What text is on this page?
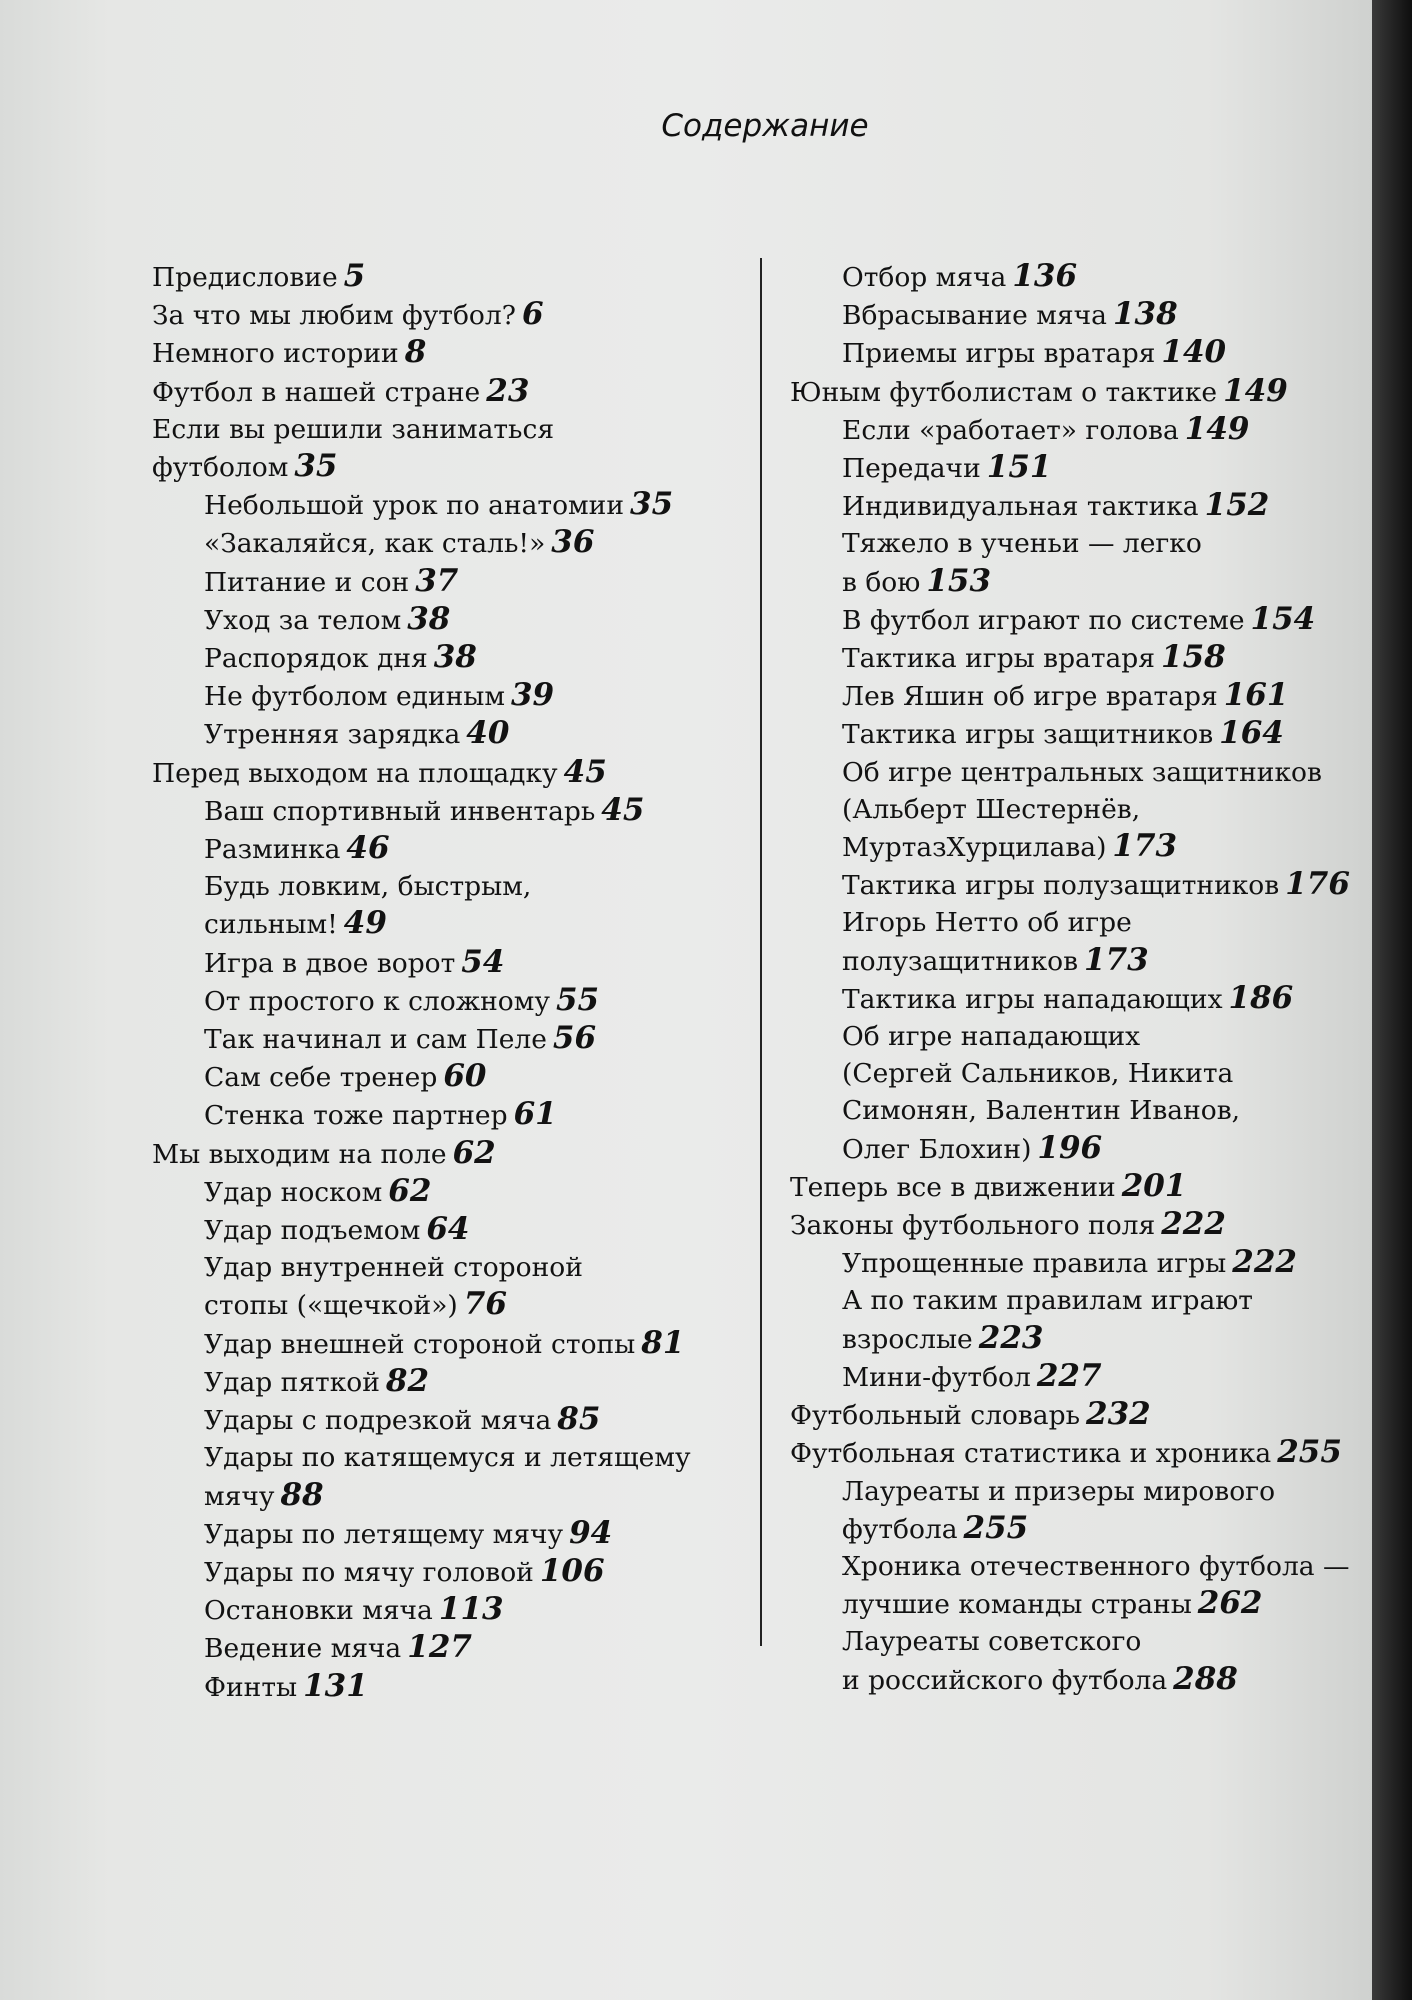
Содержание
Предисловие 5
За что мы любим футбол? 6
Немного истории 8
Футбол в нашей стране 23
Если вы решили заниматься
футболом 35
Небольшой урок по анатомии 35
«Закаляйся, как сталь!» 36
Питание и сон 37
Уход за телом 38
Распорядок дня 38
Не футболом единым 39
Утренняя зарядка 40
Перед выходом на площадку 45
Ваш спортивный инвентарь 45
Разминка 46
Будь ловким, быстрым,
сильным! 49
Игра в двое ворот 54
От простого к сложному 55
Так начинал и сам Пеле 56
Сам себе тренер 60
Стенка тоже партнер 61
Мы выходим на поле 62
Удар носком 62
Удар подъемом 64
Удар внутренней стороной
стопы («щечкой») 76
Удар внешней стороной стопы 81
Удар пяткой 82
Удары с подрезкой мяча 85
Удары по катящемуся и летящему
мячу 88
Удары по летящему мячу 94
Удары по мячу головой 106
Остановки мяча 113
Ведение мяча 127
Финты 131
Отбор мяча 136
Вбрасывание мяча 138
Приемы игры вратаря 140
Юным футболистам о тактике 149
Если «работает» голова 149
Передачи 151
Индивидуальная тактика 152
Тяжело в ученьи — легко
в бою 153
В футбол играют по системе 154
Тактика игры вратаря 158
Лев Яшин об игре вратаря 161
Тактика игры защитников 164
Об игре центральных защитников
(Альберт Шестернёв,
МуртазХурцилава) 173
Тактика игры полузащитников 176
Игорь Нетто об игре
полузащитников 173
Тактика игры нападающих 186
Об игре нападающих
(Сергей Сальников, Никита
Симонян, Валентин Иванов,
Олег Блохин) 196
Теперь все в движении 201
Законы футбольного поля 222
Упрощенные правила игры 222
А по таким правилам играют
взрослые 223
Мини-футбол 227
Футбольный словарь 232
Футбольная статистика и хроника 255
Лауреаты и призеры мирового
футбола 255
Хроника отечественного футбола —
лучшие команды страны 262
Лауреаты советского
и российского футбола 288
